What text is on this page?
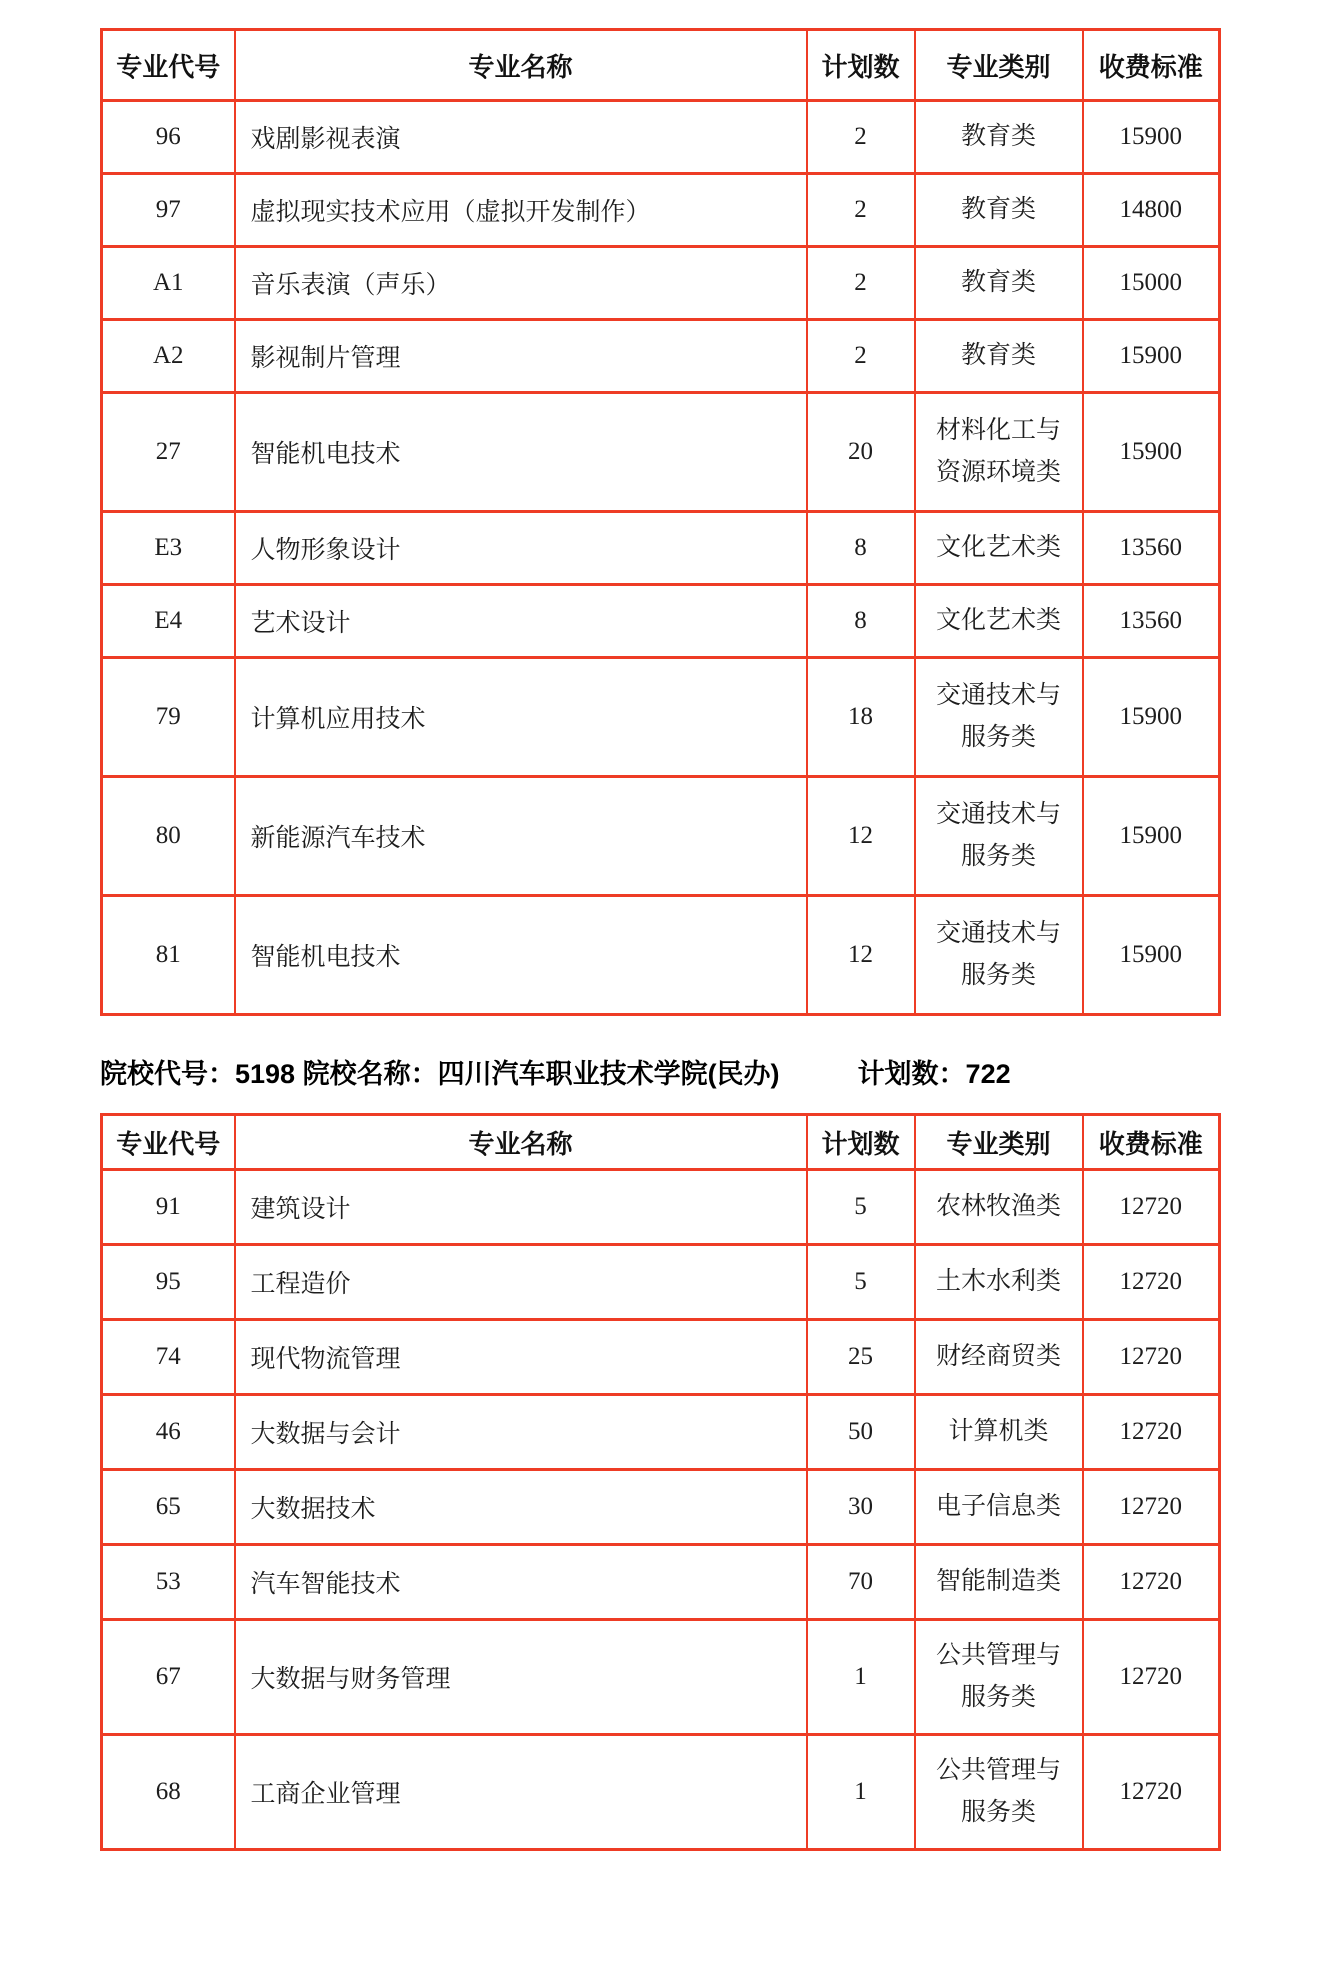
专业代号	专业名称	计划数	专业类别	收费标准
96	戏剧影视表演	2	教育类	15900
97	虚拟现实技术应用（虚拟开发制作）	2	教育类	14800
A1	音乐表演（声乐）	2	教育类	15000
A2	影视制片管理	2	教育类	15900
27	智能机电技术	20	材料化工与
资源环境类	15900
E3	人物形象设计	8	文化艺术类	13560
E4	艺术设计	8	文化艺术类	13560
79	计算机应用技术	18	交通技术与
服务类	15900
80	新能源汽车技术	12	交通技术与
服务类	15900
81	智能机电技术	12	交通技术与
服务类	15900
院校代号：5198 院校名称：四川汽车职业技术学院(民办)	计划数：722
专业代号	专业名称	计划数	专业类别	收费标准
91	建筑设计	5	农林牧渔类	12720
95	工程造价	5	土木水利类	12720
74	现代物流管理	25	财经商贸类	12720
46	大数据与会计	50	计算机类	12720
65	大数据技术	30	电子信息类	12720
53	汽车智能技术	70	智能制造类	12720
67	大数据与财务管理	1	公共管理与
服务类	12720
68	工商企业管理	1	公共管理与
服务类	12720
